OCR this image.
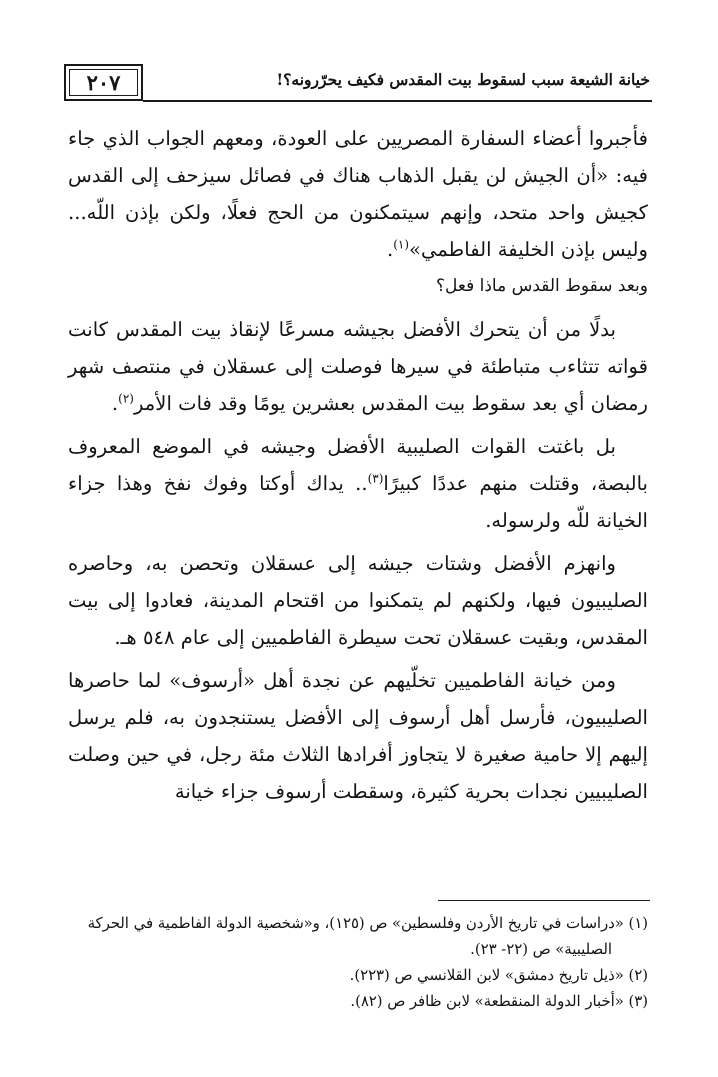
٢٠٧	خيانة الشيعة سبب لسقوط بيت المقدس فكيف يحرّرونه؟!

فأجبروا أعضاء السفارة المصريين على العودة، ومعهم الجواب الذي جاء فيه: «أن الجيش لن يقبل الذهاب هناك في فصائل سيزحف إلى القدس كجيش واحد متحد، وإنهم سيتمكنون من الحج فعلًا، ولكن بإذن اللّه... وليس بإذن الخليفة الفاطمي»$^{(١)}$.

وبعد سقوط القدس ماذا فعل؟

بدلًا من أن يتحرك الأفضل بجيشه مسرعًا لإنقاذ بيت المقدس كانت قواته تتثاءب متباطئة في سيرها فوصلت إلى عسقلان في منتصف شهر رمضان أي بعد سقوط بيت المقدس بعشرين يومًا وقد فات الأمر$^{(٢)}$.

بل باغتت القوات الصليبية الأفضل وجيشه في الموضع المعروف بالبصة، وقتلت منهم عددًا كبيرًا$^{(٣)}$.. يداك أوكتا وفوك نفخ وهذا جزاء الخيانة للّه ولرسوله.

وانهزم الأفضل وشتات جيشه إلى عسقلان وتحصن به، وحاصره الصليبيون فيها، ولكنهم لم يتمكنوا من اقتحام المدينة، فعادوا إلى بيت المقدس، وبقيت عسقلان تحت سيطرة الفاطميين إلى عام ٥٤٨ هـ.

ومن خيانة الفاطميين تخلّيهم عن نجدة أهل «أرسوف» لما حاصرها الصليبيون، فأرسل أهل أرسوف إلى الأفضل يستنجدون به، فلم يرسل إليهم إلا حامية صغيرة لا يتجاوز أفرادها الثلاث مئة رجل، في حين وصلت الصليبيين نجدات بحرية كثيرة، وسقطت أرسوف جزاء خيانة

(١) «دراسات في تاريخ الأردن وفلسطين» ص (١٢٥)، و«شخصية الدولة الفاطمية في الحركة

الصليبية» ص (٢٢- ٢٣).

(٢) «ذيل تاريخ دمشق» لابن القلانسي ص (٢٢٣).

(٣) «أخبار الدولة المنقطعة» لابن ظافر ص (٨٢).
